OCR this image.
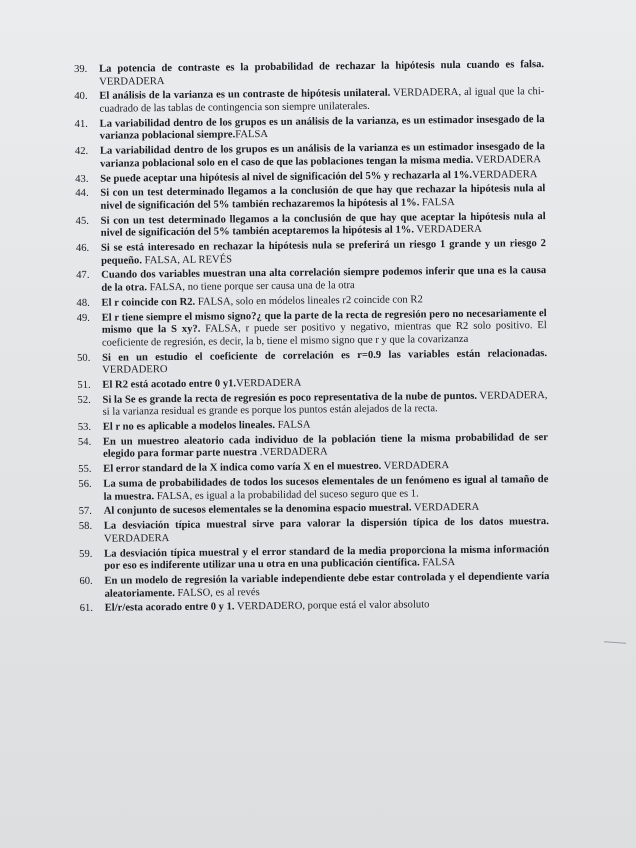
39.	La potencia de contraste es la probabilidad de rechazar la hipótesis nula cuando es falsa. VERDADERA
40.	El análisis de la varianza es un contraste de hipótesis unilateral. VERDADERA, al igual que la chi-cuadrado de las tablas de contingencia son siempre unilaterales.
41.	La variabilidad dentro de los grupos es un análisis de la varianza, es un estimador insesgado de la varianza poblacional siempre.FALSA
42.	La variabilidad dentro de los grupos es un análisis de la varianza es un estimador insesgado de la varianza poblacional solo en el caso de que las poblaciones tengan la misma media. VERDADERA
43.	Se puede aceptar una hipótesis al nivel de significación del 5% y rechazarla al 1%.VERDADERA
44.	Si con un test determinado llegamos a la conclusión de que hay que rechazar la hipótesis nula al nivel de significación del 5% también rechazaremos la hipótesis al 1%. FALSA
45.	Si con un test determinado llegamos a la conclusión de que hay que aceptar la hipótesis nula al nivel de significación del 5% también aceptaremos la hipótesis al 1%. VERDADERA
46.	Si se está interesado en rechazar la hipótesis nula se preferirá un riesgo 1 grande y un riesgo 2 pequeño. FALSA, AL REVÉS
47.	Cuando dos variables muestran una alta correlación siempre podemos inferir que una es la causa de la otra. FALSA, no tiene porque ser causa una de la otra
48.	El r coincide con R2. FALSA, solo en módelos lineales r2 coincide con R2
49.	El r tiene siempre el mismo signo?¿ que la parte de la recta de regresión pero no necesariamente el mismo que la S xy?. FALSA, r puede ser positivo y negativo, mientras que R2 solo positivo. El coeficiente de regresión, es decir, la b, tiene el mismo signo que r y que la covarizanza
50.	Si en un estudio el coeficiente de correlación es r=0.9 las variables están relacionadas. VERDADERO
51.	El R2 está acotado entre 0 y1.VERDADERA
52.	Si la Se es grande la recta de regresión es poco representativa de la nube de puntos. VERDADERA, si la varianza residual es grande es porque los puntos están alejados de la recta.
53.	El r no es aplicable a modelos lineales. FALSA
54.	En un muestreo aleatorio cada individuo de la población tiene la misma probabilidad de ser elegido para formar parte nuestra .VERDADERA
55.	El error standard de la X indica como varía X en el muestreo. VERDADERA
56.	La suma de probabilidades de todos los sucesos elementales de un fenómeno es igual al tamaño de la muestra. FALSA, es igual a la probabilidad del suceso seguro que es 1.
57.	Al conjunto de sucesos elementales se la denomina espacio muestral. VERDADERA
58.	La desviación típica muestral sirve para valorar la dispersión típica de los datos muestra. VERDADERA
59.	La desviación típica muestral y el error standard de la media proporciona la misma información por eso es indiferente utilizar una u otra en una publicación científica. FALSA
60.	En un modelo de regresión la variable independiente debe estar controlada y el dependiente varía aleatoriamente. FALSO, es al revés
61.	El/r/esta acorado entre 0 y 1. VERDADERO, porque está el valor absoluto
